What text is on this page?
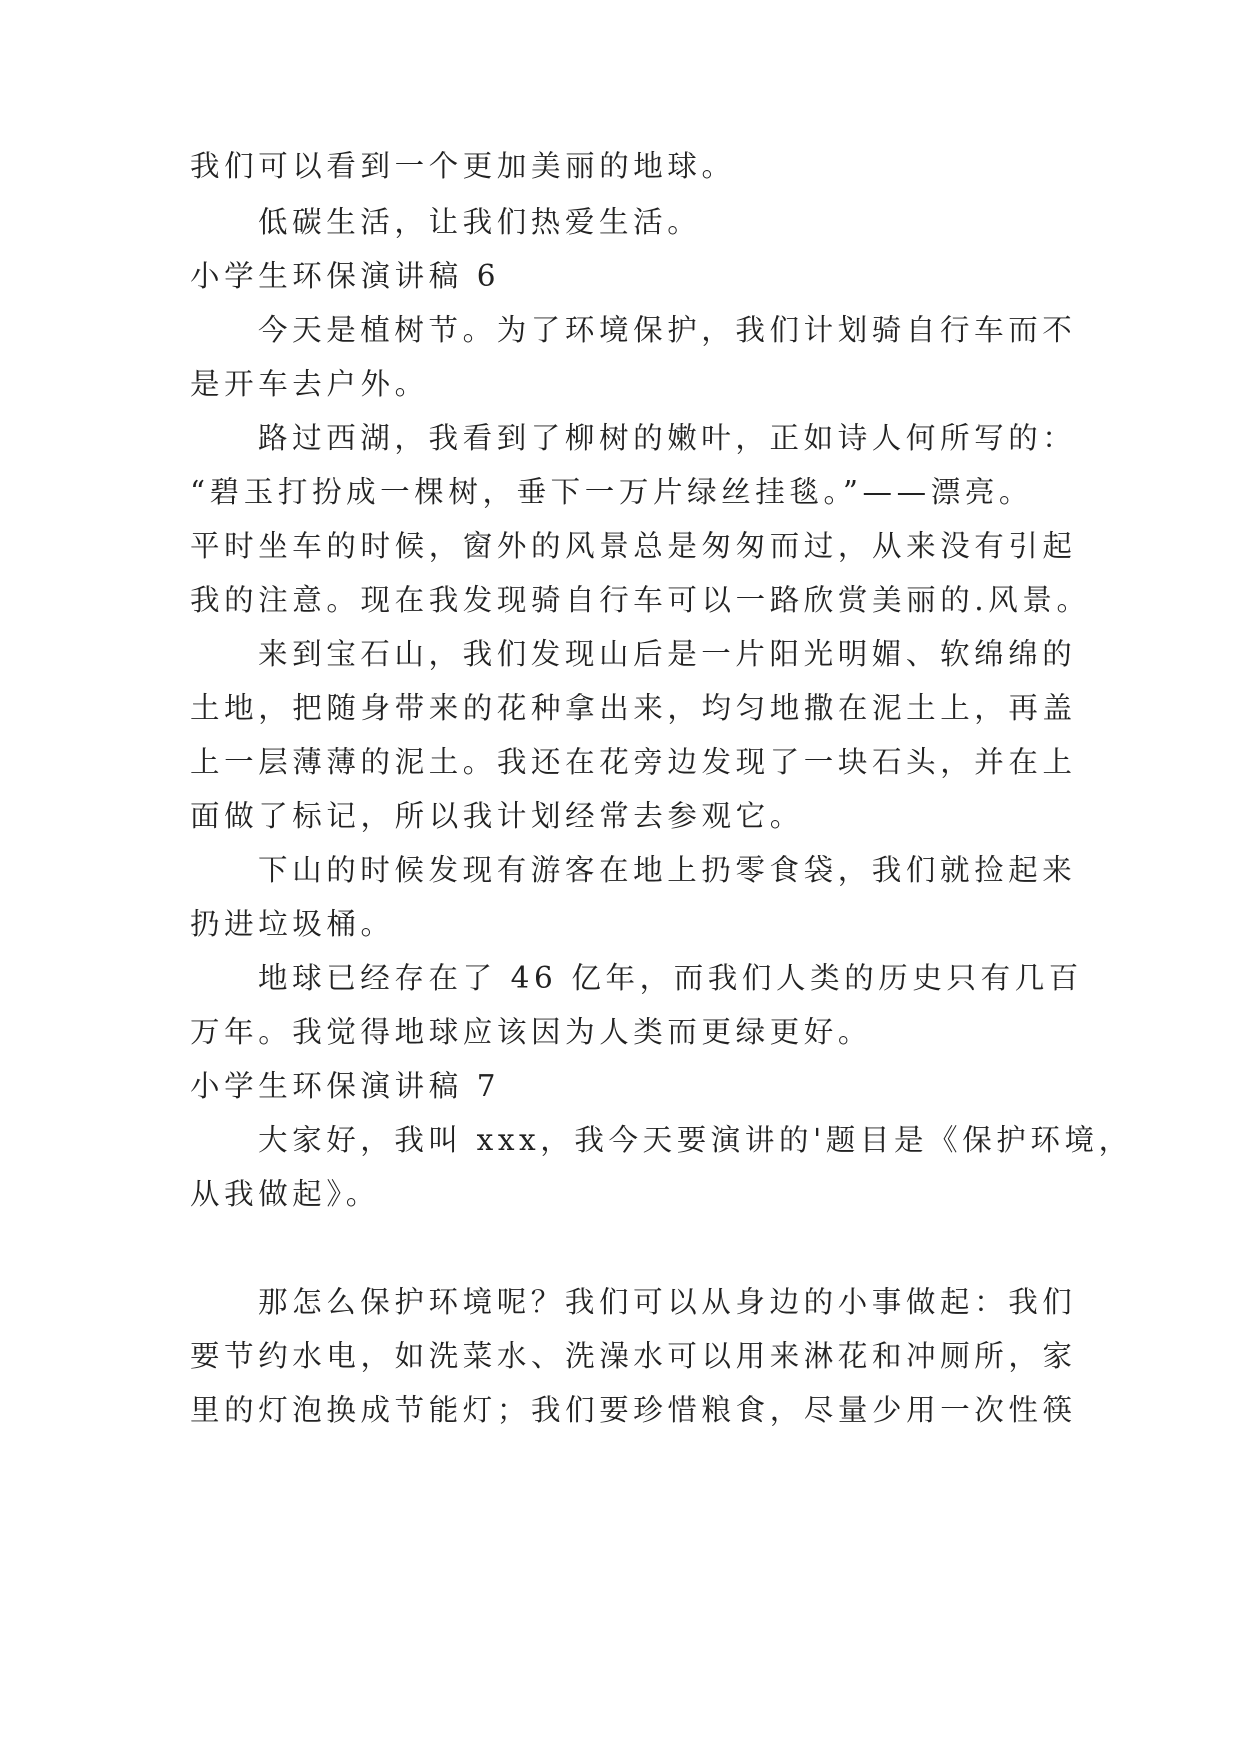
我们可以看到一个更加美丽的地球。
低碳生活，让我们热爱生活。
小学生环保演讲稿 6
今天是植树节。为了环境保护，我们计划骑自行车而不
是开车去户外。
路过西湖，我看到了柳树的嫩叶，正如诗人何所写的：
“碧玉打扮成一棵树，垂下一万片绿丝挂毯。”——漂亮。
平时坐车的时候，窗外的风景总是匆匆而过，从来没有引起
我的注意。现在我发现骑自行车可以一路欣赏美丽的.风景。
来到宝石山，我们发现山后是一片阳光明媚、软绵绵的
土地，把随身带来的花种拿出来，均匀地撒在泥土上，再盖
上一层薄薄的泥土。我还在花旁边发现了一块石头，并在上
面做了标记，所以我计划经常去参观它。
下山的时候发现有游客在地上扔零食袋，我们就捡起来
扔进垃圾桶。
地球已经存在了 46 亿年，而我们人类的历史只有几百
万年。我觉得地球应该因为人类而更绿更好。
小学生环保演讲稿 7
大家好，我叫 xxx，我今天要演讲的'题目是《保护环境，
从我做起》。
那怎么保护环境呢？我们可以从身边的小事做起：我们
要节约水电，如洗菜水、洗澡水可以用来淋花和冲厕所，家
里的灯泡换成节能灯；我们要珍惜粮食，尽量少用一次性筷
